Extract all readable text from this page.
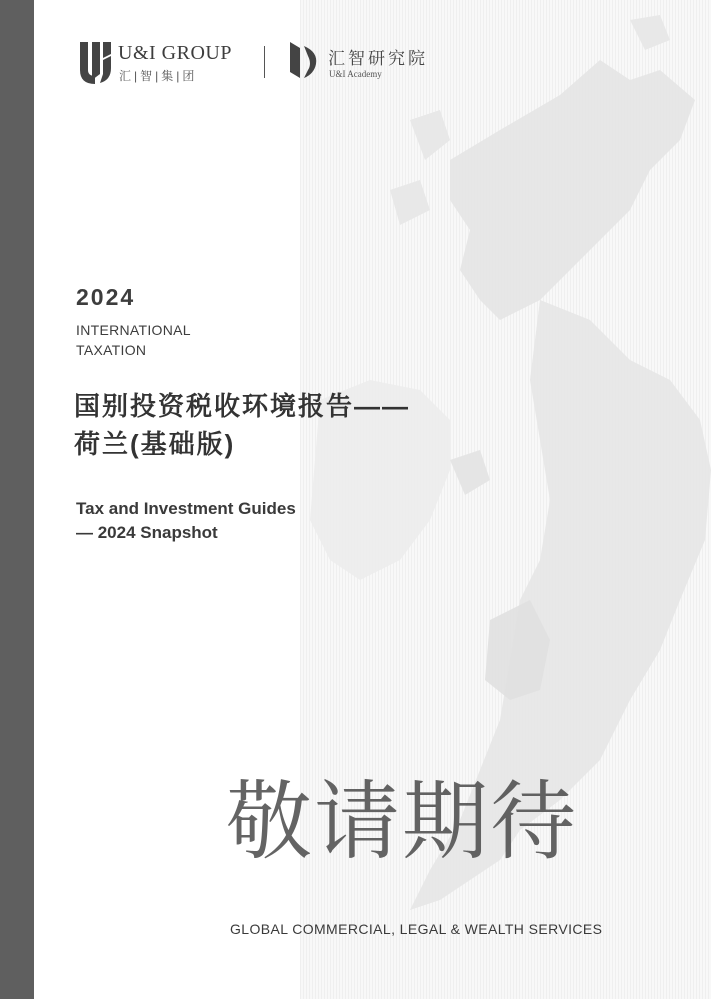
U&I GROUP
汇|智|集|团
汇智研究院
U&I Academy
2024
INTERNATIONAL
TAXATION
国别投资税收环境报告——
荷兰(基础版)
Tax and Investment Guides
— 2024 Snapshot
敬请期待
GLOBAL COMMERCIAL, LEGAL & WEALTH SERVICES
